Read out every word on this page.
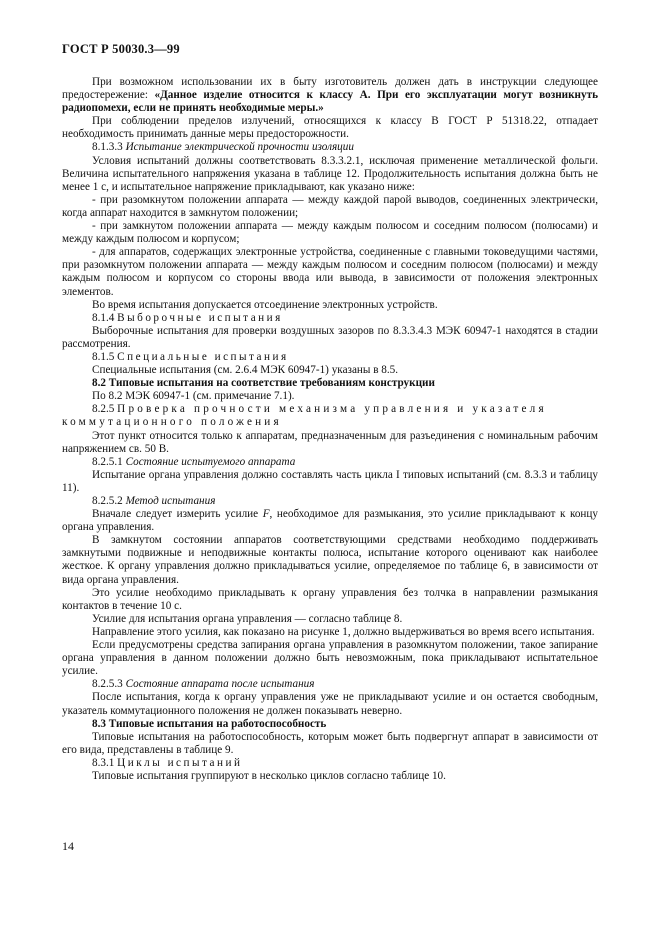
ГОСТ Р 50030.3—99

При возможном использовании их в быту изготовитель должен дать в инструкции следующее предостережение: «Данное изделие относится к классу А. При его эксплуатации могут возникнуть радиопомехи, если не принять необходимые меры.»

При соблюдении пределов излучений, относящихся к классу В ГОСТ Р 51318.22, отпадает необходимость принимать данные меры предосторожности.

8.1.3.3 Испытание электрической прочности изоляции

Условия испытаний должны соответствовать 8.3.3.2.1, исключая применение металлической фольги. Величина испытательного напряжения указана в таблице 12. Продолжительность испытания должна быть не менее 1 с, и испытательное напряжение прикладывают, как указано ниже:

- при разомкнутом положении аппарата — между каждой парой выводов, соединенных электрически, когда аппарат находится в замкнутом положении;

- при замкнутом положении аппарата — между каждым полюсом и соседним полюсом (полюсами) и между каждым полюсом и корпусом;

- для аппаратов, содержащих электронные устройства, соединенные с главными токоведущими частями, при разомкнутом положении аппарата — между каждым полюсом и соседним полюсом (полюсами) и между каждым полюсом и корпусом со стороны ввода или вывода, в зависимости от положения электронных элементов.

Во время испытания допускается отсоединение электронных устройств.

8.1.4 Выборочные испытания

Выборочные испытания для проверки воздушных зазоров по 8.3.3.4.3 МЭК 60947-1 находятся в стадии рассмотрения.

8.1.5 Специальные испытания

Специальные испытания (см. 2.6.4 МЭК 60947-1) указаны в 8.5.

8.2 Типовые испытания на соответствие требованиям конструкции

По 8.2 МЭК 60947-1 (см. примечание 7.1).

8.2.5 Проверка прочности механизма управления и указателя коммутационного положения

Этот пункт относится только к аппаратам, предназначенным для разъединения с номинальным рабочим напряжением св. 50 В.

8.2.5.1 Состояние испытуемого аппарата

Испытание органа управления должно составлять часть цикла I типовых испытаний (см. 8.3.3 и таблицу 11).

8.2.5.2 Метод испытания

Вначале следует измерить усилие F, необходимое для размыкания, это усилие прикладывают к концу органа управления.

В замкнутом состоянии аппаратов соответствующими средствами необходимо поддерживать замкнутыми подвижные и неподвижные контакты полюса, испытание которого оценивают как наиболее жесткое. К органу управления должно прикладываться усилие, определяемое по таблице 6, в зависимости от вида органа управления.

Это усилие необходимо прикладывать к органу управления без толчка в направлении размыкания контактов в течение 10 с.

Усилие для испытания органа управления — согласно таблице 8.

Направление этого усилия, как показано на рисунке 1, должно выдерживаться во время всего испытания.

Если предусмотрены средства запирания органа управления в разомкнутом положении, такое запирание органа управления в данном положении должно быть невозможным, пока прикладывают испытательное усилие.

8.2.5.3 Состояние аппарата после испытания

После испытания, когда к органу управления уже не прикладывают усилие и он остается свободным, указатель коммутационного положения не должен показывать неверно.

8.3 Типовые испытания на работоспособность

Типовые испытания на работоспособность, которым может быть подвергнут аппарат в зависимости от его вида, представлены в таблице 9.

8.3.1 Циклы испытаний

Типовые испытания группируют в несколько циклов согласно таблице 10.

14
